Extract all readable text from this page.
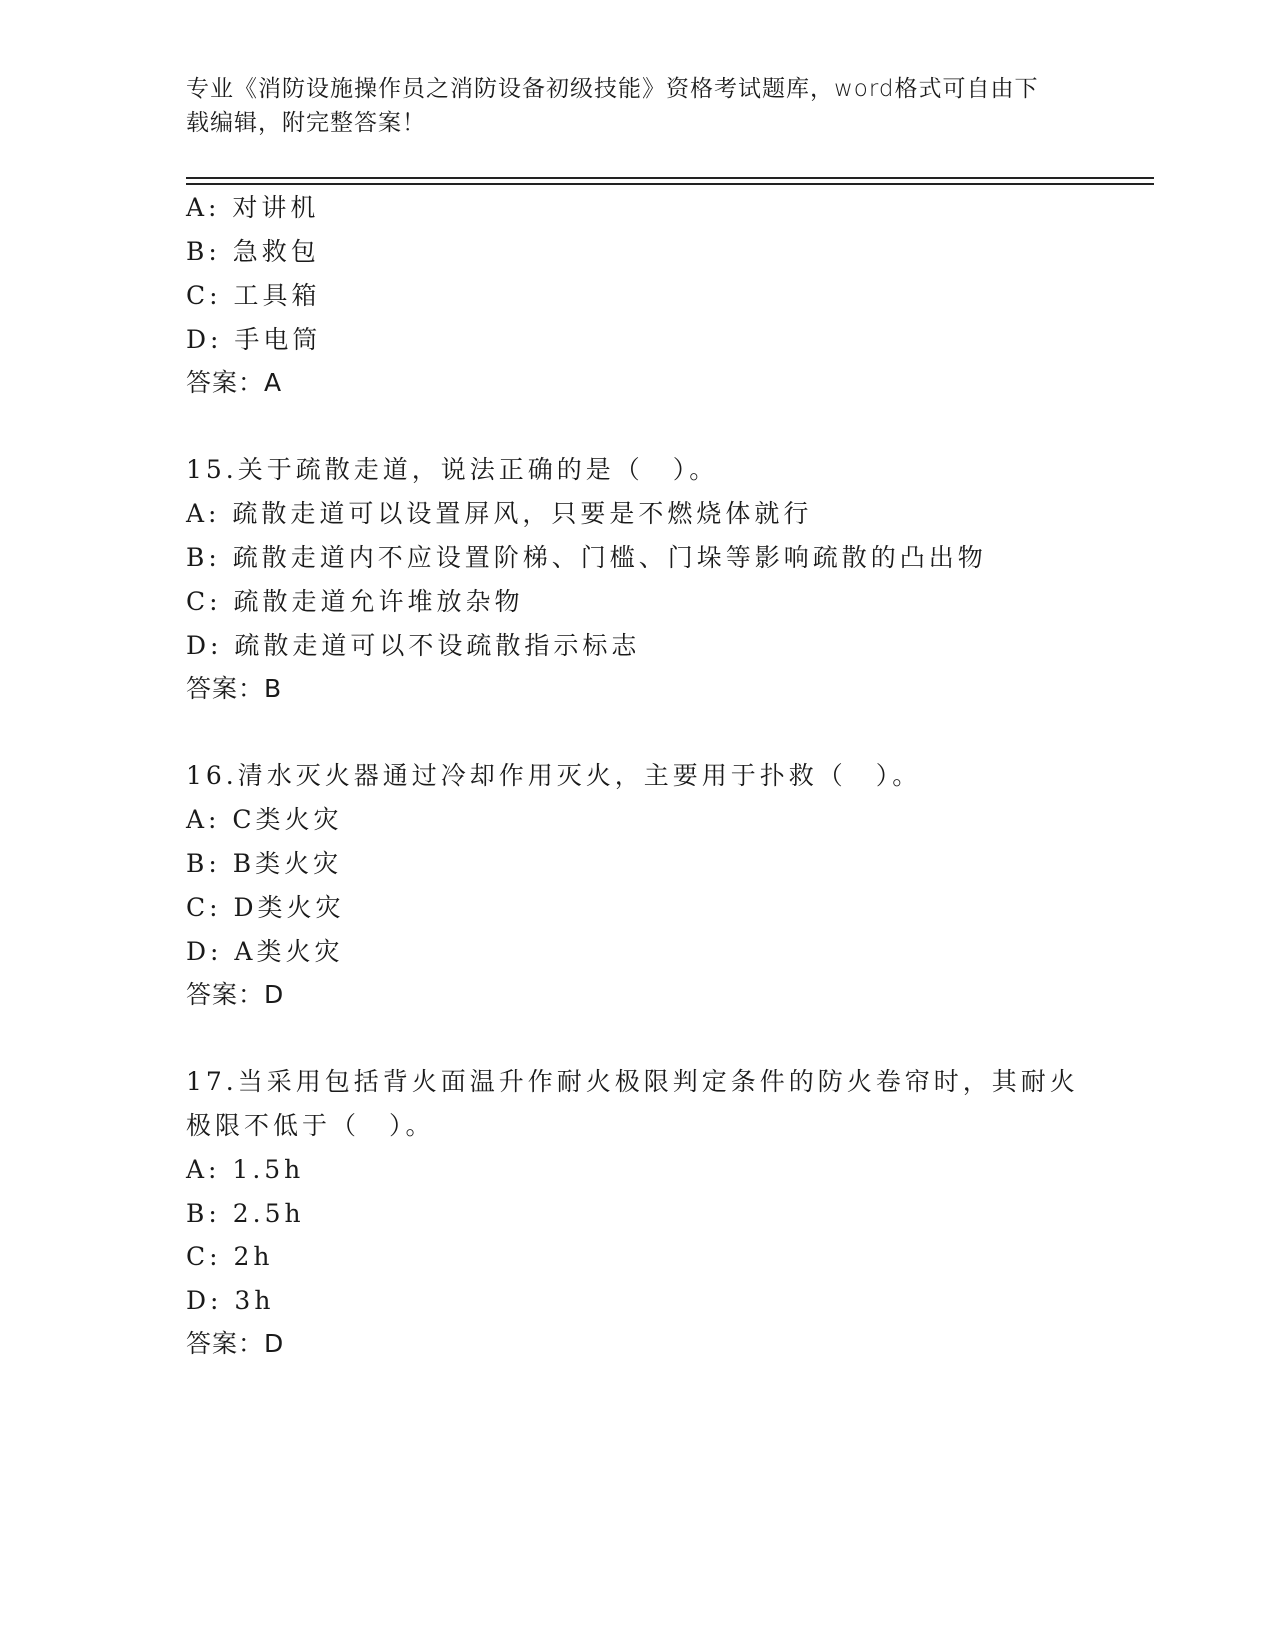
专业《消防设施操作员之消防设备初级技能》资格考试题库，word格式可自由下
载编辑，附完整答案！
A: 对讲机
B: 急救包
C: 工具箱
D: 手电筒
答案：A
15.关于疏散走道，说法正确的是（　）。
A: 疏散走道可以设置屏风，只要是不燃烧体就行
B: 疏散走道内不应设置阶梯、门槛、门垛等影响疏散的凸出物
C: 疏散走道允许堆放杂物
D: 疏散走道可以不设疏散指示标志
答案：B
16.清水灭火器通过冷却作用灭火，主要用于扑救（　）。
A: C类火灾
B: B类火灾
C: D类火灾
D: A类火灾
答案：D
17.当采用包括背火面温升作耐火极限判定条件的防火卷帘时，其耐火
极限不低于（　）。
A: 1.5h
B: 2.5h
C: 2h
D: 3h
答案：D
